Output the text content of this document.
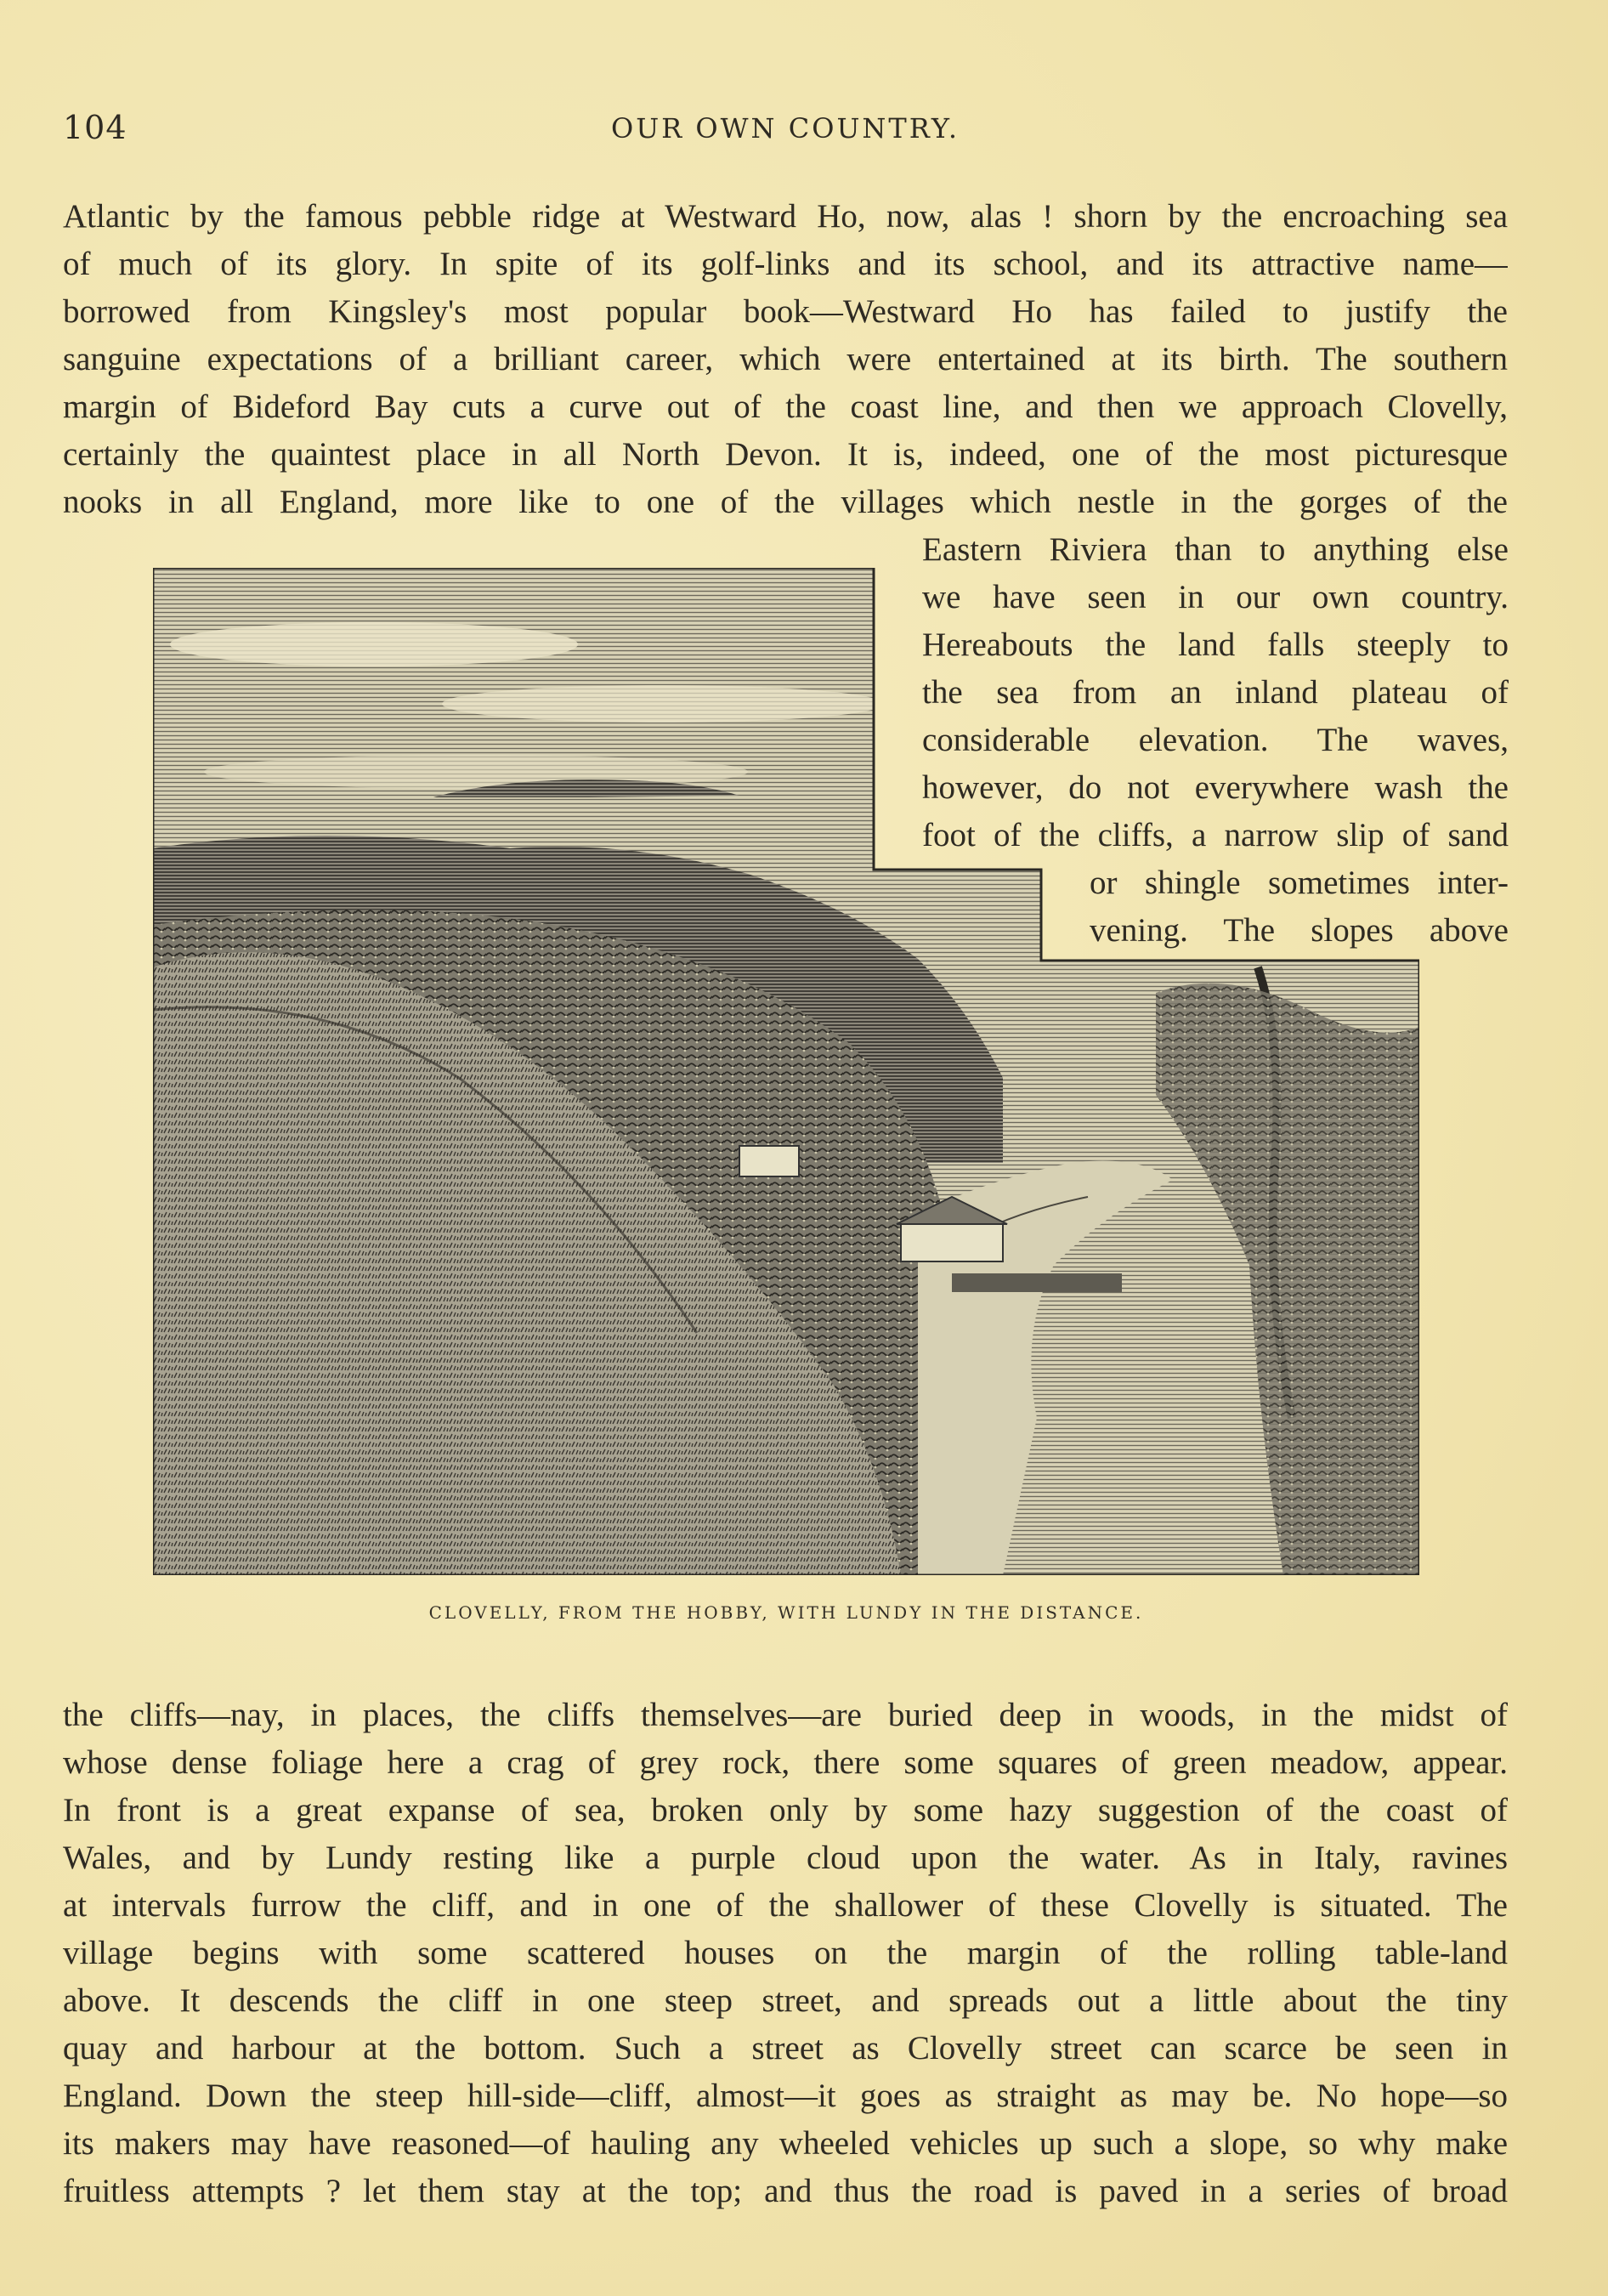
104	OUR OWN COUNTRY.
Atlantic by the famous pebble ridge at Westward Ho, now, alas ! shorn by the encroaching sea
of much of its glory. In spite of its golf-links and its school, and its attractive name—
borrowed from Kingsley's most popular book—Westward Ho has failed to justify the
sanguine expectations of a brilliant career, which were entertained at its birth. The southern
margin of Bideford Bay cuts a curve out of the coast line, and then we approach Clovelly,
certainly the quaintest place in all North Devon. It is, indeed, one of the most picturesque
nooks in all England, more like to one of the villages which nestle in the gorges of the
Eastern Riviera than to anything else
we have seen in our own country.
Hereabouts the land falls steeply to
the sea from an inland plateau of
considerable elevation. The waves,
however, do not everywhere wash the
foot of the cliffs, a narrow slip of sand
or shingle sometimes inter-
vening. The slopes above
CLOVELLY, FROM THE HOBBY, WITH LUNDY IN THE DISTANCE.
the cliffs—nay, in places, the cliffs themselves—are buried deep in woods, in the midst of
whose dense foliage here a crag of grey rock, there some squares of green meadow, appear.
In front is a great expanse of sea, broken only by some hazy suggestion of the coast of
Wales, and by Lundy resting like a purple cloud upon the water. As in Italy, ravines
at intervals furrow the cliff, and in one of the shallower of these Clovelly is situated. The
village begins with some scattered houses on the margin of the rolling table-land
above. It descends the cliff in one steep street, and spreads out a little about the tiny
quay and harbour at the bottom. Such a street as Clovelly street can scarce be seen in
England. Down the steep hill-side—cliff, almost—it goes as straight as may be. No hope—so
its makers may have reasoned—of hauling any wheeled vehicles up such a slope, so why make
fruitless attempts ? let them stay at the top; and thus the road is paved in a series of broad
